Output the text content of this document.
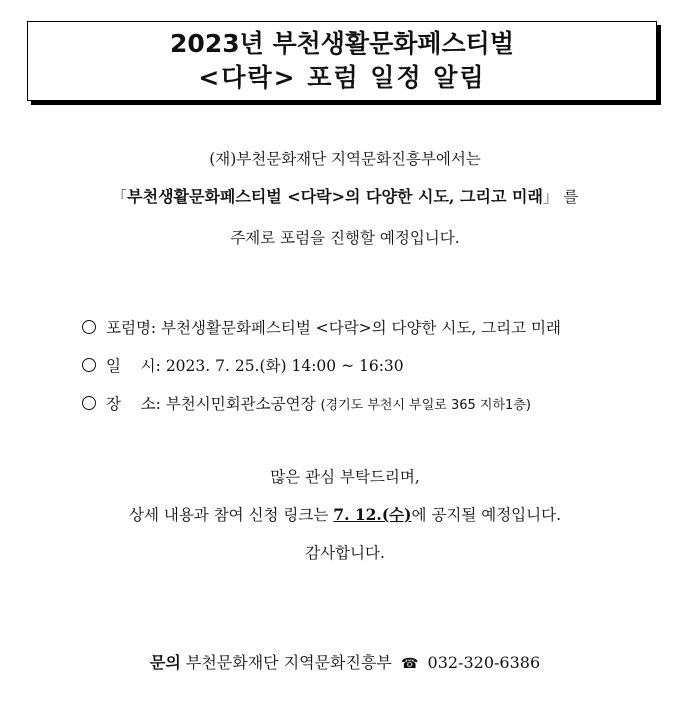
2023년 부천생활문화페스티벌
<다락> 포럼 일정 알림
(재)부천문화재단 지역문화진흥부에서는
「부천생활문화페스티벌 <다락>의 다양한 시도, 그리고 미래」 를
주제로 포럼을 진행할 예정입니다.
포럼명: 부천생활문화페스티벌 <다락>의 다양한 시도, 그리고 미래
일    시: 2023. 7. 25.(화) 14:00 ~ 16:30
장    소: 부천시민회관소공연장 (경기도 부천시 부일로 365 지하1층)
많은 관심 부탁드리며,
상세 내용과 참여 신청 링크는 7. 12.(수)에 공지될 예정입니다.
감사합니다.
문의 부천문화재단 지역문화진흥부 ☎ 032-320-6386
